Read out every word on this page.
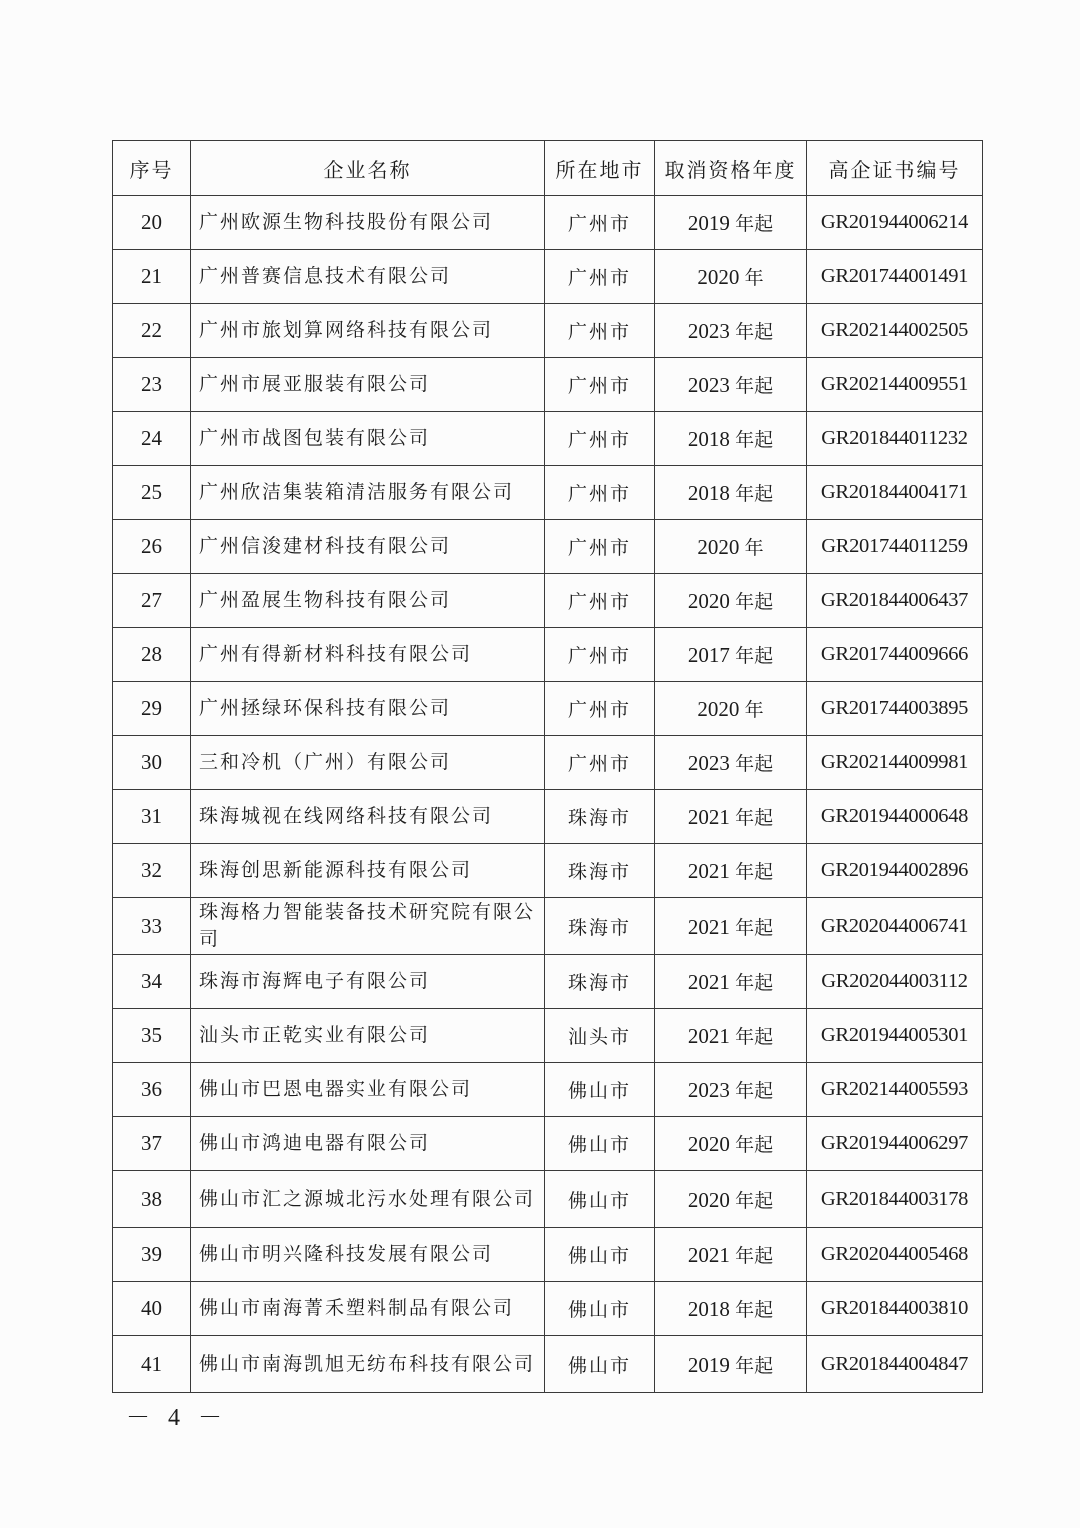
序号	企业名称	所在地市	取消资格年度	高企证书编号
20	广州欧源生物科技股份有限公司	广州市	2019 年起	GR201944006214
21	广州普赛信息技术有限公司	广州市	2020 年	GR201744001491
22	广州市旅划算网络科技有限公司	广州市	2023 年起	GR202144002505
23	广州市展亚服装有限公司	广州市	2023 年起	GR202144009551
24	广州市战图包装有限公司	广州市	2018 年起	GR201844011232
25	广州欣洁集装箱清洁服务有限公司	广州市	2018 年起	GR201844004171
26	广州信浚建材科技有限公司	广州市	2020 年	GR201744011259
27	广州盈展生物科技有限公司	广州市	2020 年起	GR201844006437
28	广州有得新材料科技有限公司	广州市	2017 年起	GR201744009666
29	广州拯绿环保科技有限公司	广州市	2020 年	GR201744003895
30	三和冷机（广州）有限公司	广州市	2023 年起	GR202144009981
31	珠海城视在线网络科技有限公司	珠海市	2021 年起	GR201944000648
32	珠海创思新能源科技有限公司	珠海市	2021 年起	GR201944002896
33	珠海格力智能装备技术研究院有限公司	珠海市	2021 年起	GR202044006741
34	珠海市海辉电子有限公司	珠海市	2021 年起	GR202044003112
35	汕头市正乾实业有限公司	汕头市	2021 年起	GR201944005301
36	佛山市巴恩电器实业有限公司	佛山市	2023 年起	GR202144005593
37	佛山市鸿迪电器有限公司	佛山市	2020 年起	GR201944006297
38	佛山市汇之源城北污水处理有限公司	佛山市	2020 年起	GR201844003178
39	佛山市明兴隆科技发展有限公司	佛山市	2021 年起	GR202044005468
40	佛山市南海菁禾塑料制品有限公司	佛山市	2018 年起	GR201844003810
41	佛山市南海凯旭无纺布科技有限公司	佛山市	2019 年起	GR201844004847
－ 4 －
